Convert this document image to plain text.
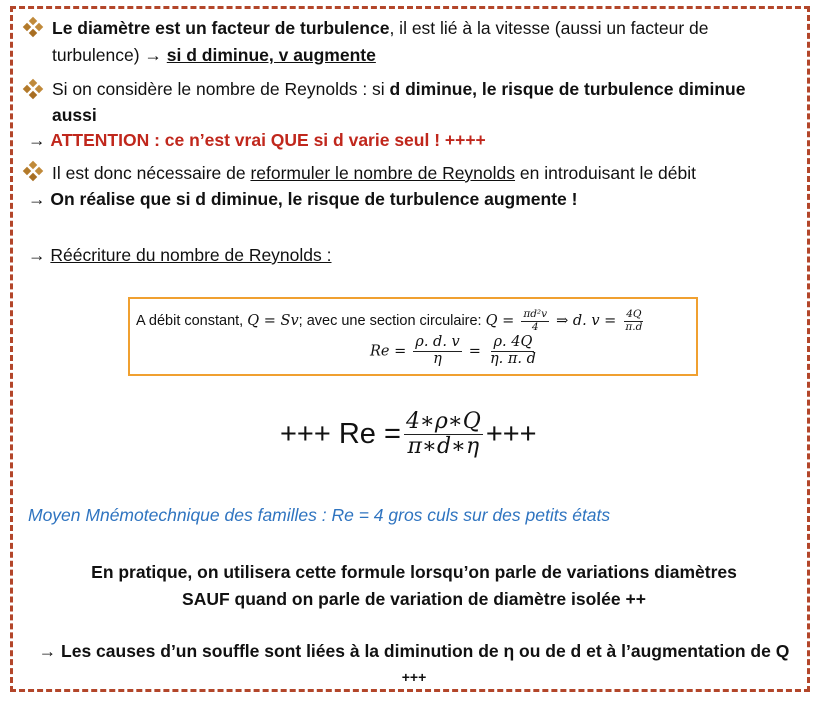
Le diamètre est un facteur de turbulence, il est lié à la vitesse (aussi un facteur de
turbulence) → si d diminue, v augmente
Si on considère le nombre de Reynolds : si d diminue, le risque de turbulence diminue
aussi
→ ATTENTION : ce n’est vrai QUE si d varie seul ! ++++
Il est donc nécessaire de reformuler le nombre de Reynolds en introduisant le débit
→ On réalise que si d diminue, le risque de turbulence augmente !
→ Réécriture du nombre de Reynolds :
A débit constant, Q = Sv; avec une section circulaire: $Q = \frac{\text{πd²v}}{4}$ ⇒ d. $v = \frac{4Q}{\pi.d}$
$Re = \frac{\rho. d. v}{\eta} = \frac{\rho. 4Q}{\eta. \pi. d}$
+++ $Re = \frac{4∗\rho∗Q}{\pi∗d∗\eta}$ +++
Moyen Mnémotechnique des familles : Re = 4 gros culs sur des petits états
En pratique, on utilisera cette formule lorsqu’on parle de variations diamètres
SAUF quand on parle de variation de diamètre isolée ++
→ Les causes d’un souffle sont liées à la diminution de η ou de d et à l’augmentation de Q
+++
